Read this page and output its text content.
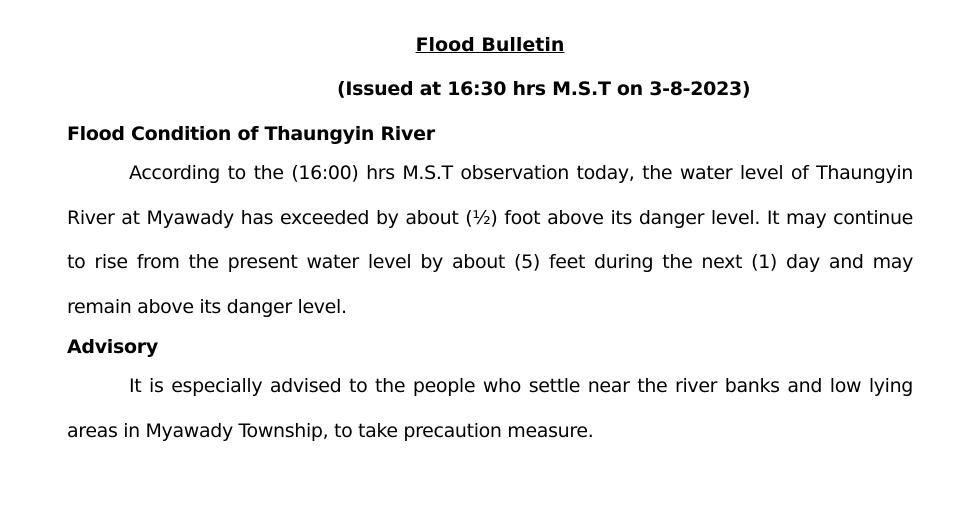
Flood Bulletin
(Issued at 16:30 hrs M.S.T on 3-8-2023)
Flood Condition of Thaungyin River

According to the (16:00) hrs M.S.T observation today, the water level of Thaungyin River at Myawady has exceeded by about (½) foot above its danger level. It may continue to rise from the present water level by about (5) feet during the next (1) day and may remain above its danger level.

Advisory

It is especially advised to the people who settle near the river banks and low lying areas in Myawady Township, to take precaution measure.
